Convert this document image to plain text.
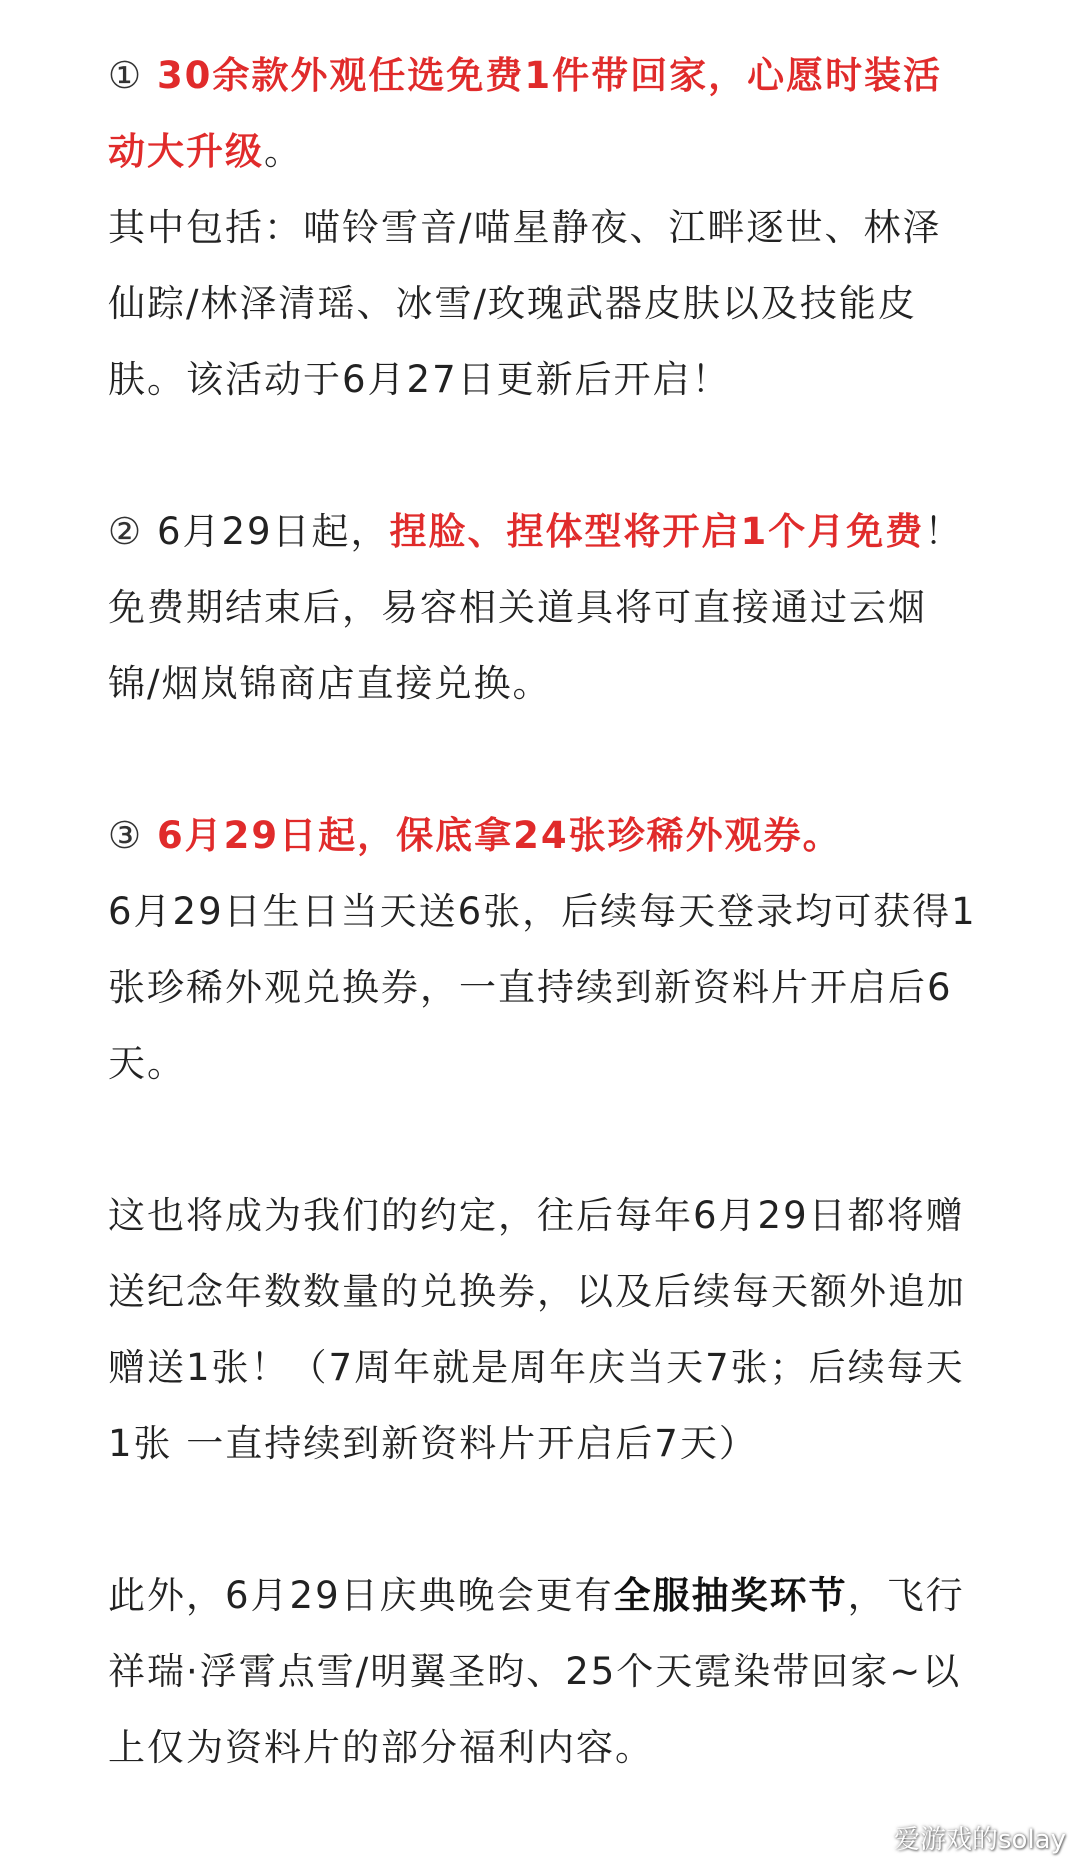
① 30余款外观任选免费1件带回家，心愿时装活动大升级。

其中包括：喵铃雪音/喵星静夜、江畔逐世、林泽仙踪/林泽清瑶、冰雪/玫瑰武器皮肤以及技能皮肤。该活动于6月27日更新后开启！

② 6月29日起，捏脸、捏体型将开启1个月免费！

免费期结束后，易容相关道具将可直接通过云烟锦/烟岚锦商店直接兑换。

③ 6月29日起，保底拿24张珍稀外观券。

6月29日生日当天送6张，后续每天登录均可获得1张珍稀外观兑换券，一直持续到新资料片开启后6天。

这也将成为我们的约定，往后每年6月29日都将赠送纪念年数数量的兑换券，以及后续每天额外追加赠送1张！（7周年就是周年庆当天7张；后续每天1张 一直持续到新资料片开启后7天）

此外，6月29日庆典晚会更有全服抽奖环节，飞行祥瑞·浮霄点雪/明翼圣昀、25个天霓染带回家~以上仅为资料片的部分福利内容。

爱游戏的solay
